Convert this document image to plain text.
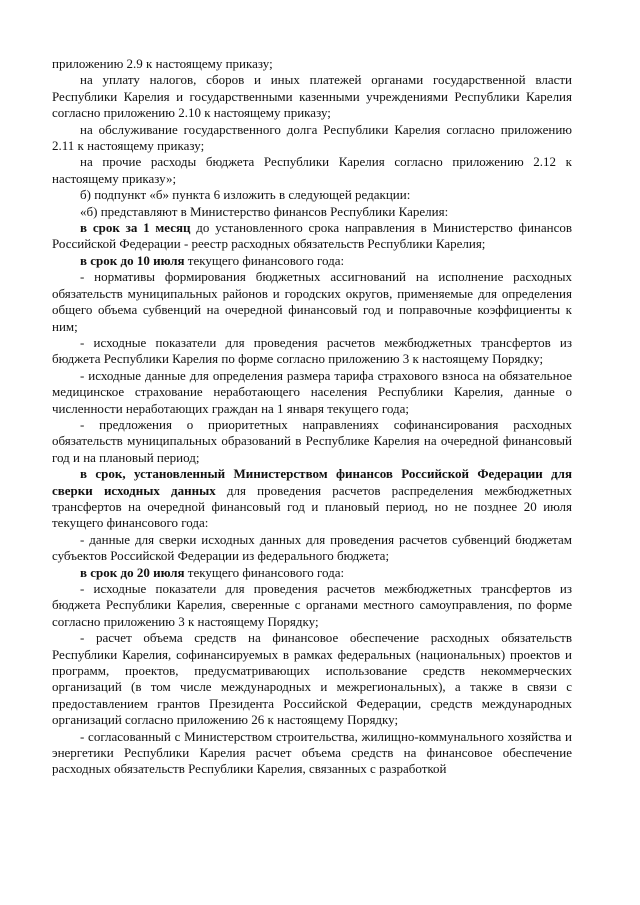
приложению 2.9 к настоящему приказу;

на уплату налогов, сборов и иных платежей органами государственной власти Республики Карелия и государственными казенными учреждениями Республики Карелия согласно приложению 2.10 к настоящему приказу;

на обслуживание государственного долга Республики Карелия согласно приложению 2.11 к настоящему приказу;

на прочие расходы бюджета Республики Карелия согласно приложению 2.12 к настоящему приказу»;

б) подпункт «б» пункта 6 изложить в следующей редакции:

«б) представляют в Министерство финансов Республики Карелия:

в срок за 1 месяц до установленного срока направления в Министерство финансов Российской Федерации - реестр расходных обязательств Республики Карелия;

в срок до 10 июля текущего финансового года:

- нормативы формирования бюджетных ассигнований на исполнение расходных обязательств муниципальных районов и городских округов, применяемые для определения общего объема субвенций на очередной финансовый год и поправочные коэффициенты к ним;

- исходные показатели для проведения расчетов межбюджетных трансфертов из бюджета Республики Карелия по форме согласно приложению 3 к настоящему Порядку;

- исходные данные для определения размера тарифа страхового взноса на обязательное медицинское страхование неработающего населения Республики Карелия, данные о численности неработающих граждан на 1 января текущего года;

- предложения о приоритетных направлениях софинансирования расходных обязательств муниципальных образований в Республике Карелия на очередной финансовый год и на плановый период;

в срок, установленный Министерством финансов Российской Федерации для сверки исходных данных для проведения расчетов распределения межбюджетных трансфертов на очередной финансовый год и плановый период, но не позднее 20 июля текущего финансового года:

- данные для сверки исходных данных для проведения расчетов субвенций бюджетам субъектов Российской Федерации из федерального бюджета;

в срок до 20 июля текущего финансового года:

- исходные показатели для проведения расчетов межбюджетных трансфертов из бюджета Республики Карелия, сверенные с органами местного самоуправления, по форме согласно приложению 3 к настоящему Порядку;

- расчет объема средств на финансовое обеспечение расходных обязательств Республики Карелия, софинансируемых в рамках федеральных (национальных) проектов и программ, проектов, предусматривающих использование средств некоммерческих организаций (в том числе международных и межрегиональных), а также в связи с предоставлением грантов Президента Российской Федерации, средств международных организаций согласно приложению 26 к настоящему Порядку;

- согласованный с Министерством строительства, жилищно-коммунального хозяйства и энергетики Республики Карелия расчет объема средств на финансовое обеспечение расходных обязательств Республики Карелия, связанных с разработкой
